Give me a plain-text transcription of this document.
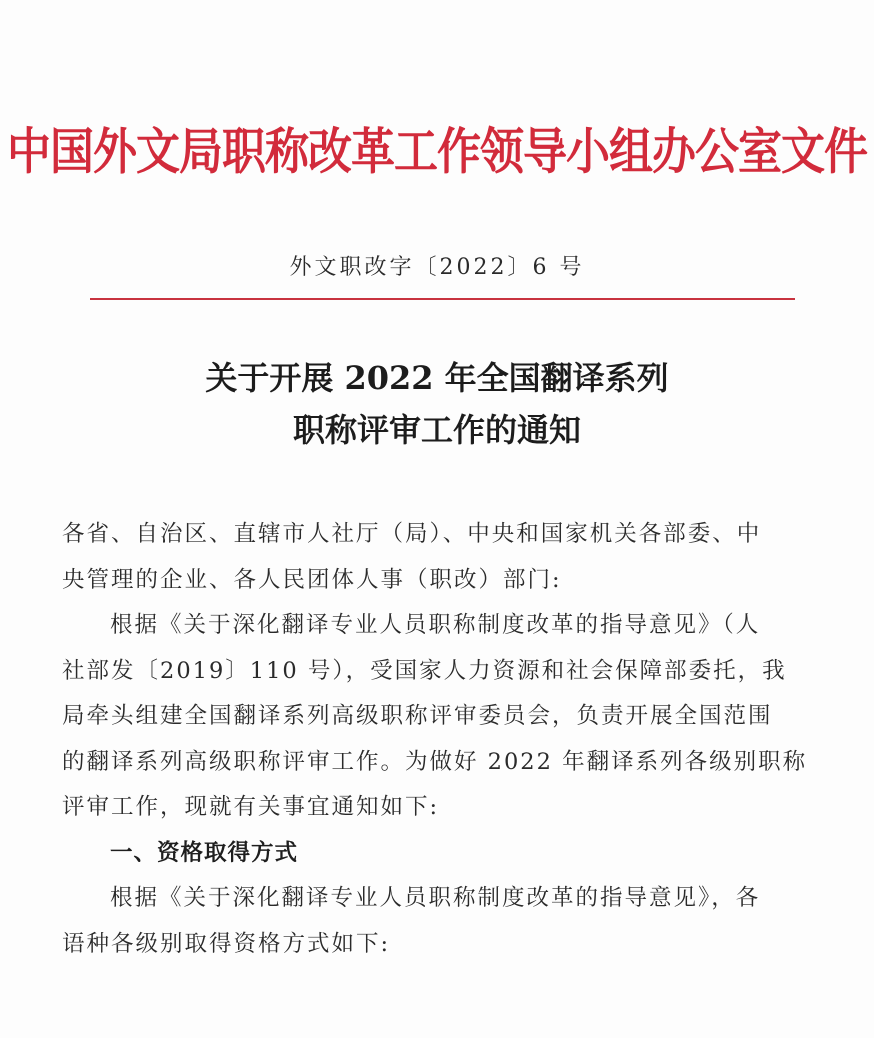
中国外文局职称改革工作领导小组办公室文件
外文职改字〔2022〕6 号
关于开展 2022 年全国翻译系列
职称评审工作的通知
各省、自治区、直辖市人社厅（局）、中央和国家机关各部委、中
央管理的企业、各人民团体人事（职改）部门:
根据《关于深化翻译专业人员职称制度改革的指导意见》（人
社部发〔2019〕110 号），受国家人力资源和社会保障部委托，我
局牵头组建全国翻译系列高级职称评审委员会，负责开展全国范围
的翻译系列高级职称评审工作。为做好 2022 年翻译系列各级别职称
评审工作，现就有关事宜通知如下:
一、资格取得方式
根据《关于深化翻译专业人员职称制度改革的指导意见》，各
语种各级别取得资格方式如下:
